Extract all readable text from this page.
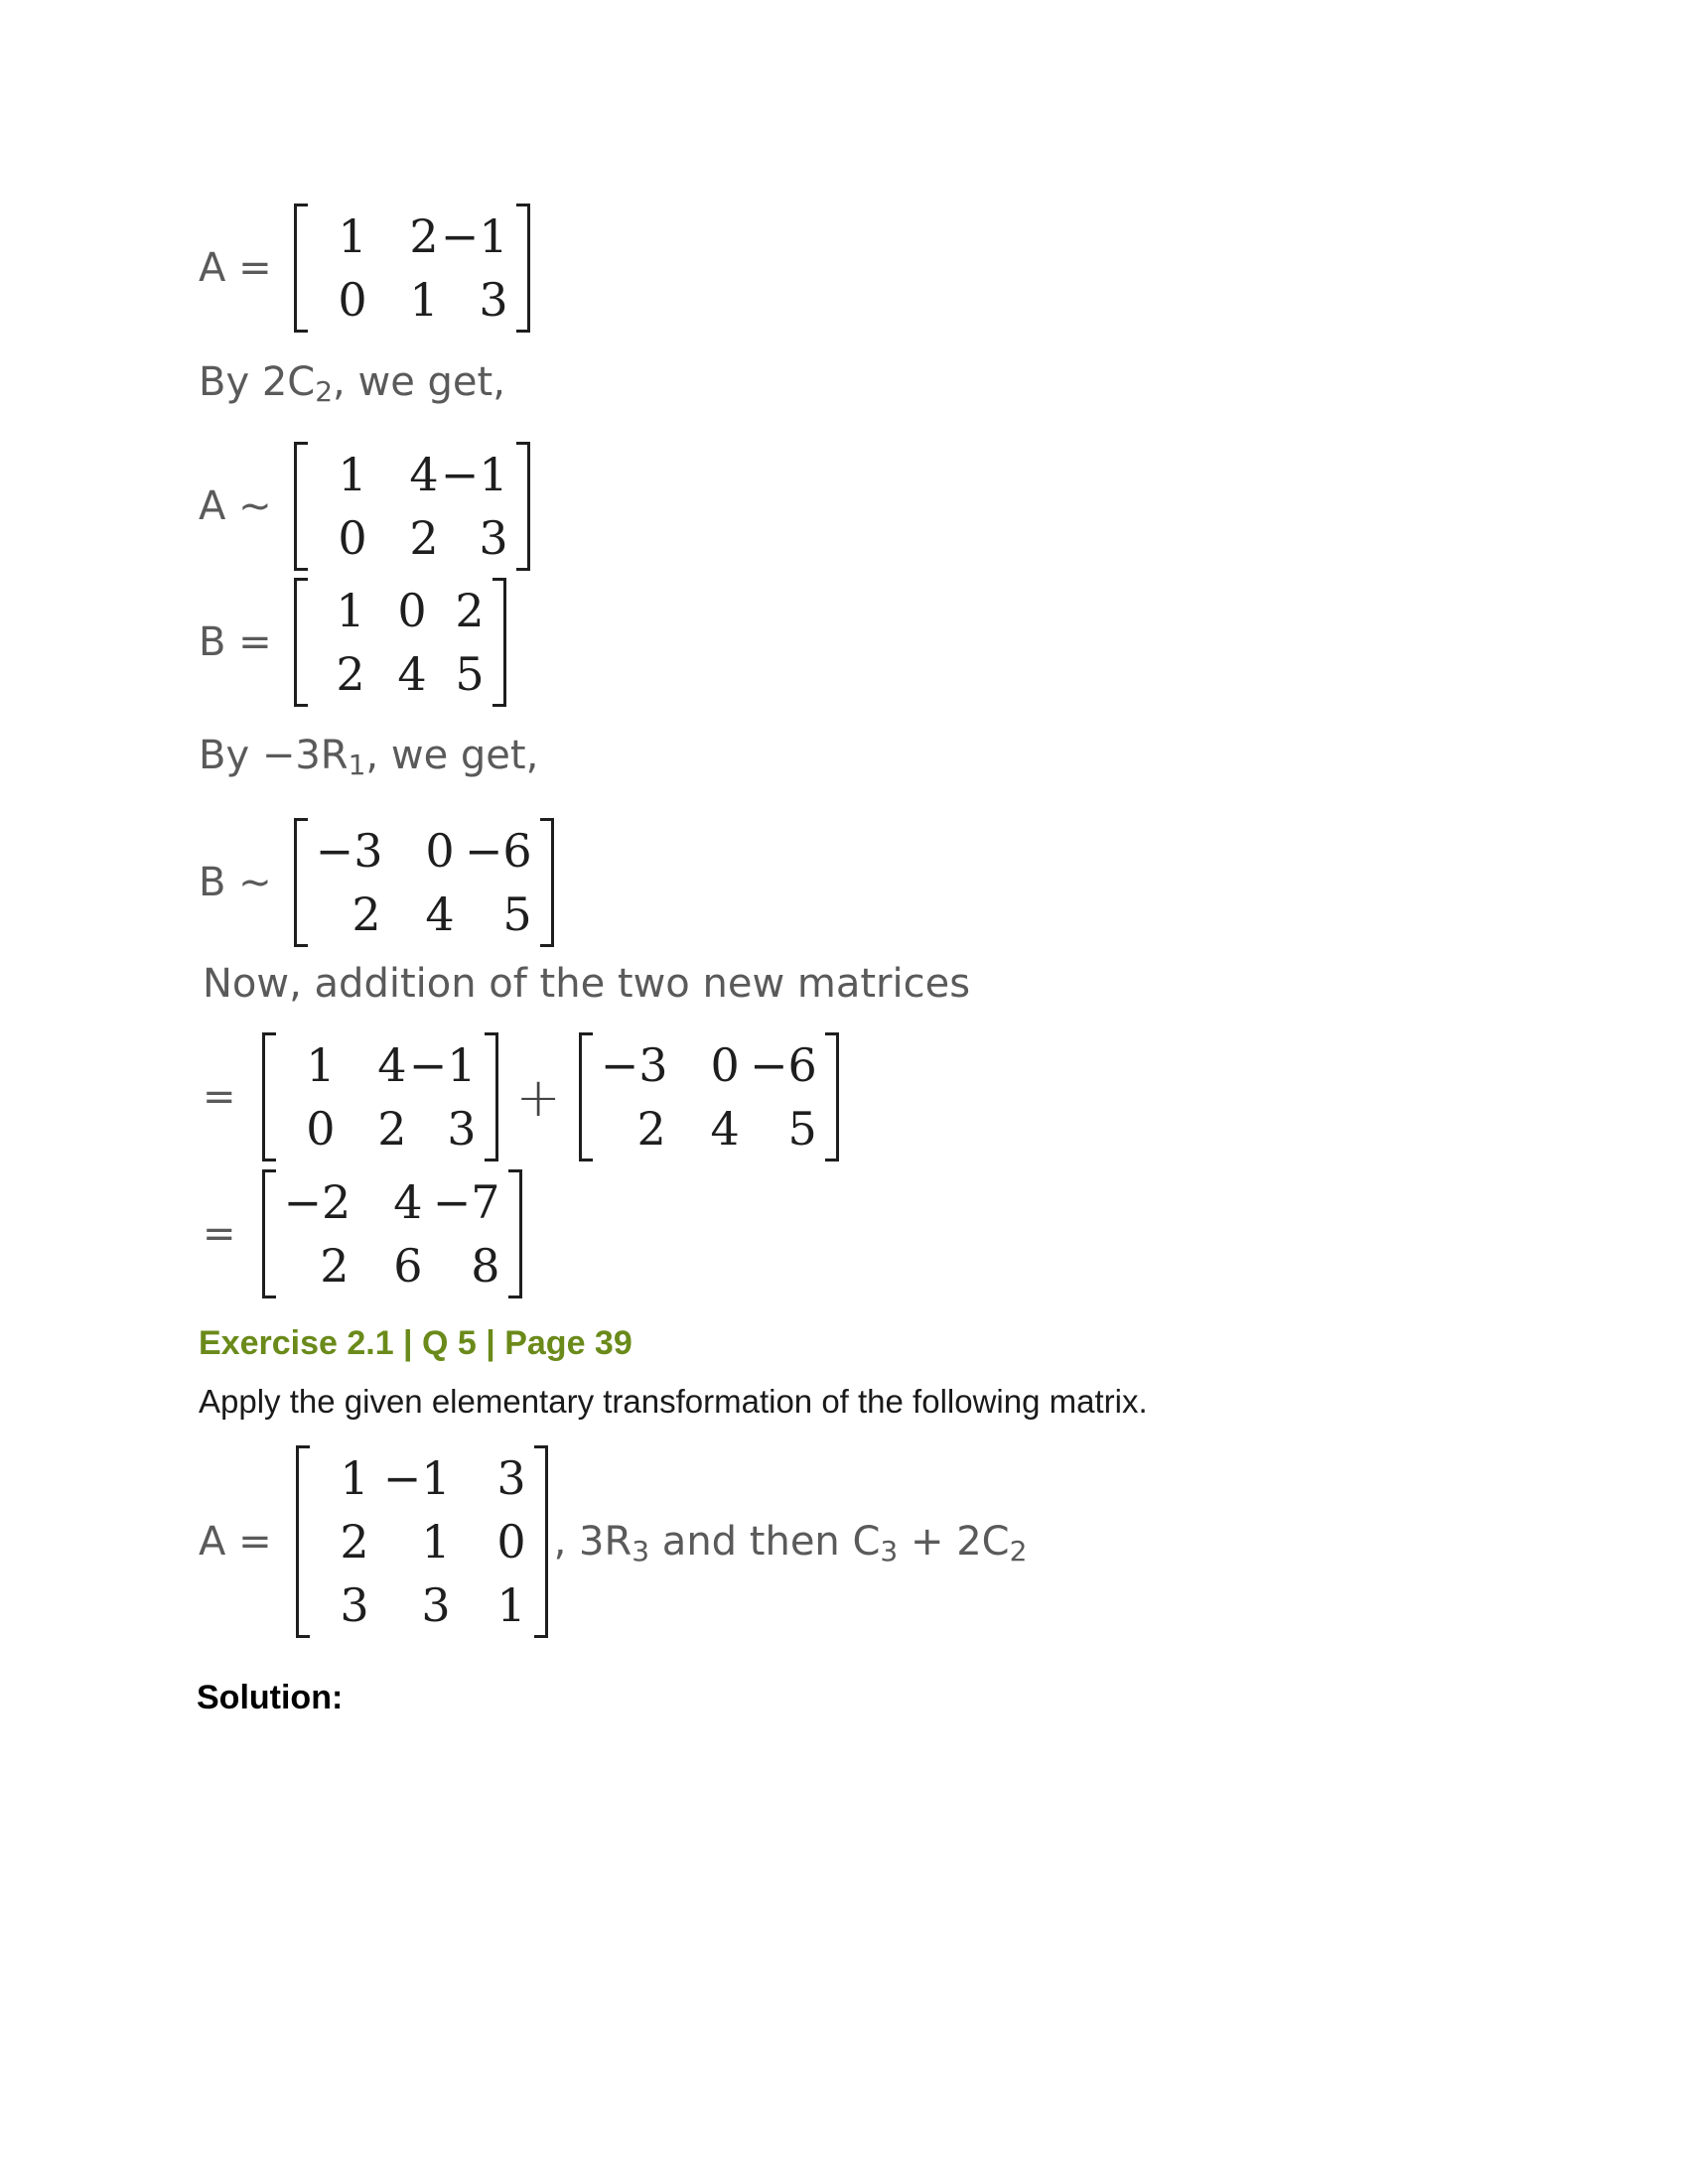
A =
1 2 −1
0 1 3
By $2C_2$, we get,
A ~
1 4 −1
0 2 3
B =
1 0 2
2 4 5
$By -3R_1$, we get,
B ~
−3 0 −6
2 4	5
Now, addition of the two new matrices
=
1 4 −1
0 2 3
+
−3 0 −6
2 4	5
=
−2 4 −7
2 6	8
Exercise 2.1 | Q 5 | Page 39
Apply the given elementary transformation of the following matrix.
A =
1 −1	3
2	1	0
3	3	1
, $3R_3$ and then $C_3 + 2C_2$
Solution:
